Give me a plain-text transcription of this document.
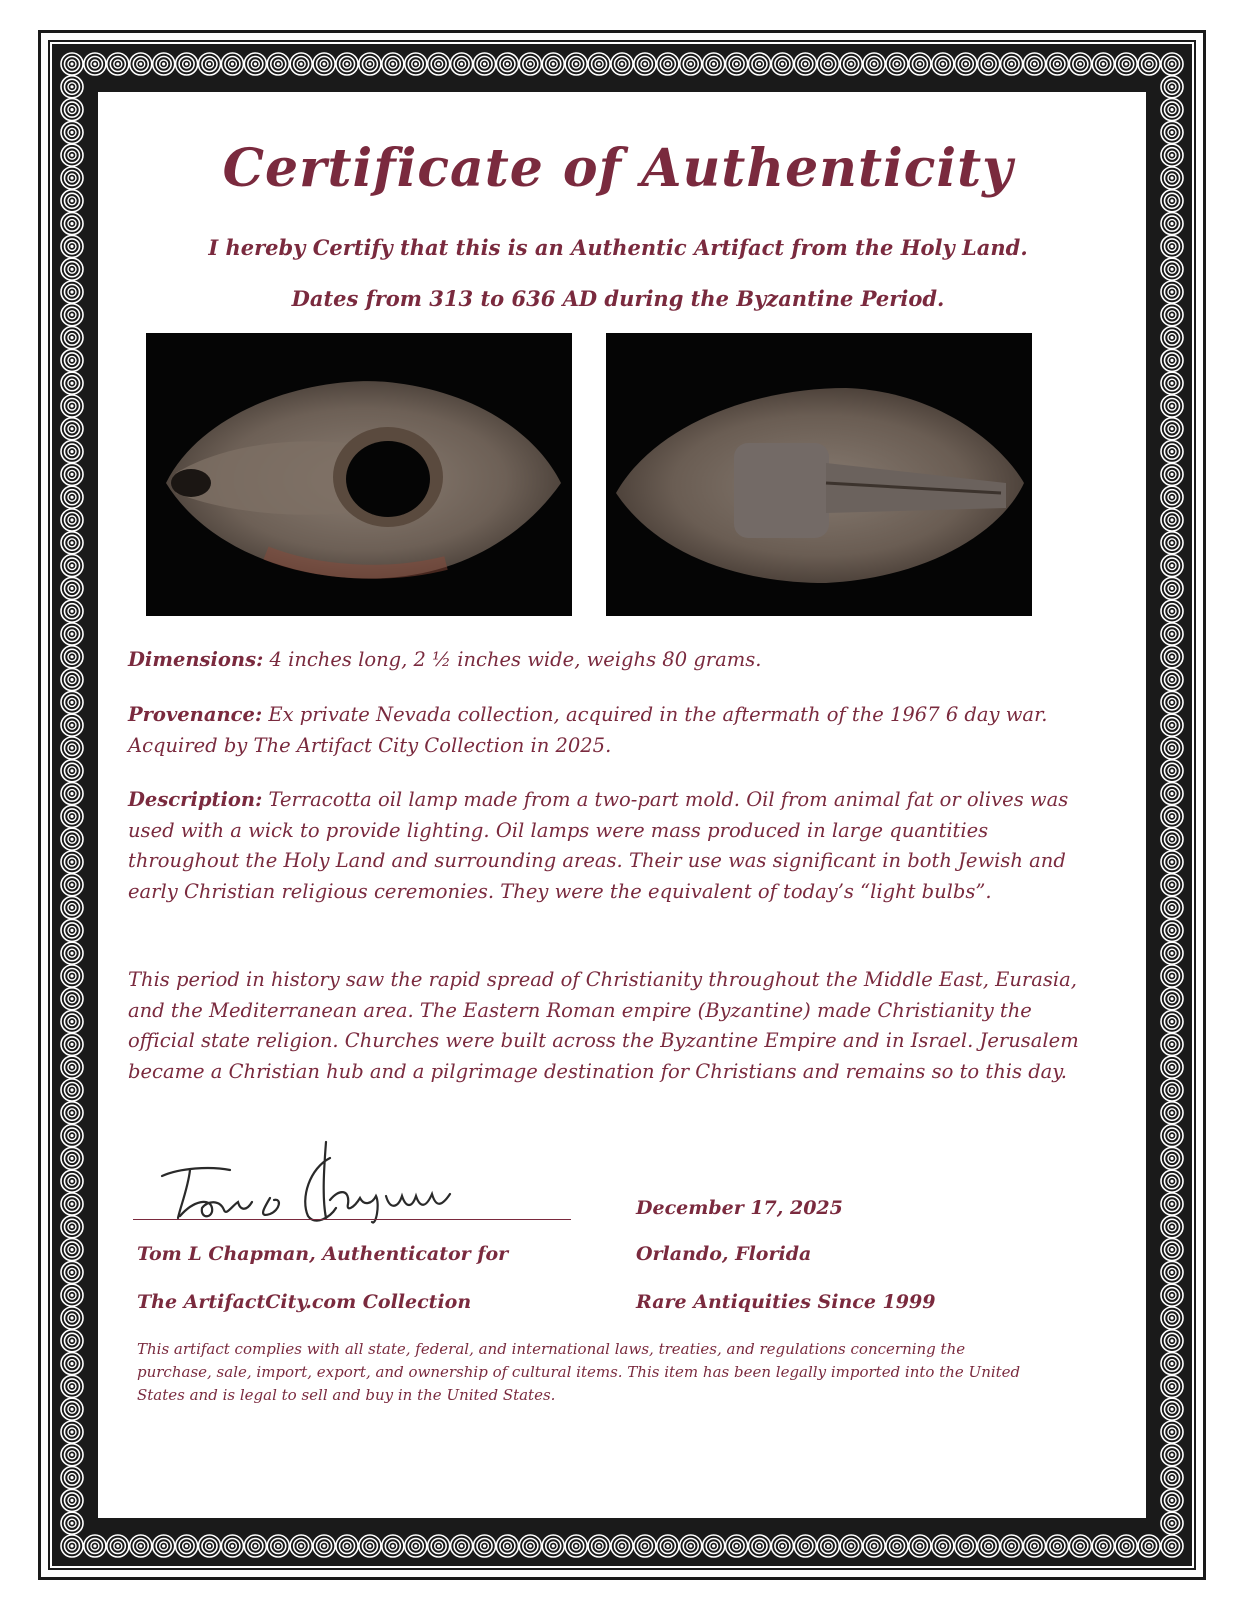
Certificate of Authenticity
I hereby Certify that this is an Authentic Artifact from the Holy Land.
Dates from 313 to 636 AD during the Byzantine Period.
Dimensions: 4 inches long, 2 ½ inches wide, weighs 80 grams.
Provenance: Ex private Nevada collection, acquired in the aftermath of the 1967 6 day war. Acquired by The Artifact City Collection in 2025.
Description: Terracotta oil lamp made from a two-part mold. Oil from animal fat or olives was used with a wick to provide lighting. Oil lamps were mass produced in large quantities throughout the Holy Land and surrounding areas. Their use was significant in both Jewish and early Christian religious ceremonies. They were the equivalent of today’s “light bulbs”.
This period in history saw the rapid spread of Christianity throughout the Middle East, Eurasia, and the Mediterranean area. The Eastern Roman empire (Byzantine) made Christianity the official state religion. Churches were built across the Byzantine Empire and in Israel. Jerusalem became a Christian hub and a pilgrimage destination for Christians and remains so to this day.
Tom L Chapman, Authenticator for
The ArtifactCity.com Collection
December 17, 2025
Orlando, Florida
Rare Antiquities Since 1999
This artifact complies with all state, federal, and international laws, treaties, and regulations concerning the purchase, sale, import, export, and ownership of cultural items. This item has been legally imported into the United States and is legal to sell and buy in the United States.
